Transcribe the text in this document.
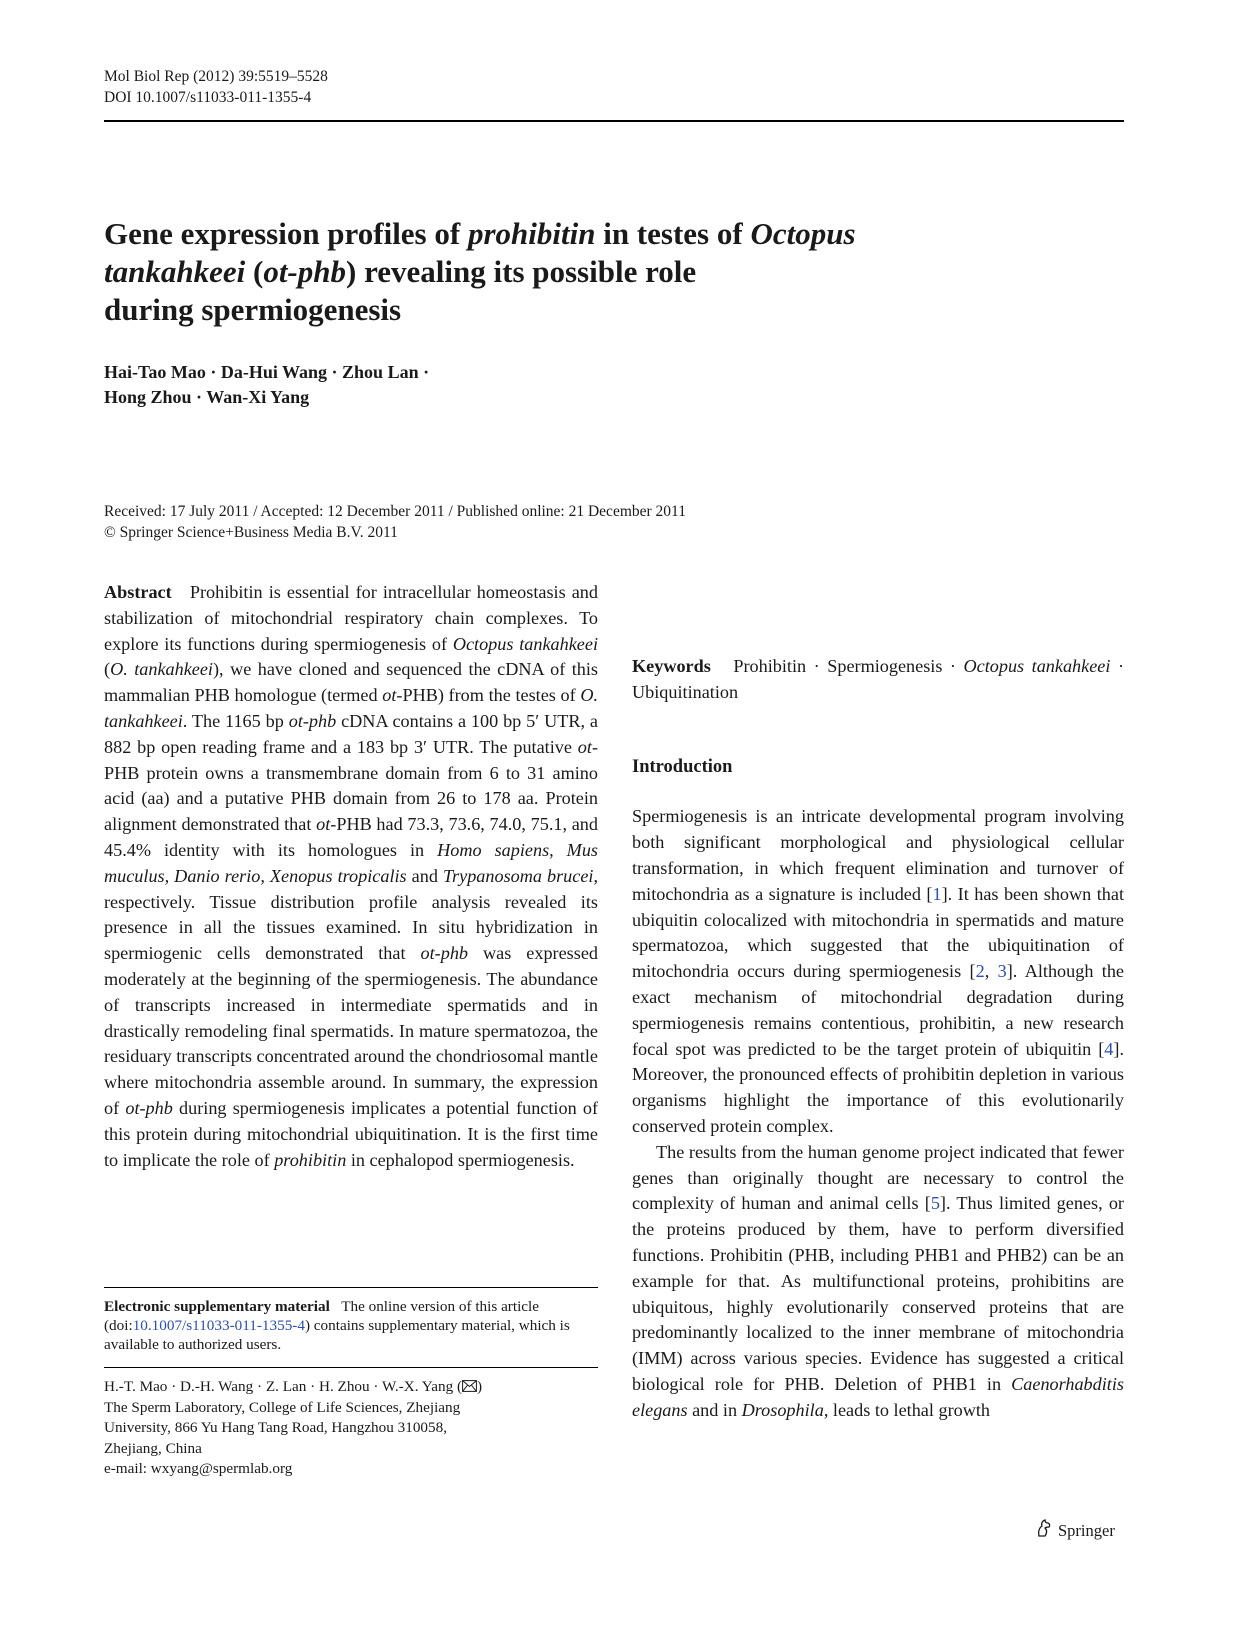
Mol Biol Rep (2012) 39:5519–5528
DOI 10.1007/s11033-011-1355-4
Gene expression profiles of prohibitin in testes of Octopus
tankahkeei (ot-phb) revealing its possible role
during spermiogenesis
Hai-Tao Mao · Da-Hui Wang · Zhou Lan ·
Hong Zhou · Wan-Xi Yang
Received: 17 July 2011 / Accepted: 12 December 2011 / Published online: 21 December 2011
© Springer Science+Business Media B.V. 2011

Abstract Prohibitin is essential for intracellular homeostasis and stabilization of mitochondrial respiratory chain complexes. To explore its functions during spermiogenesis of Octopus tankahkeei (O. tankahkeei), we have cloned and sequenced the cDNA of this mammalian PHB homologue (termed ot-PHB) from the testes of O. tankahkeei. The 1165 bp ot-phb cDNA contains a 100 bp 5′ UTR, a 882 bp open reading frame and a 183 bp 3′ UTR. The putative ot-PHB protein owns a transmembrane domain from 6 to 31 amino acid (aa) and a putative PHB domain from 26 to 178 aa. Protein alignment demonstrated that ot-PHB had 73.3, 73.6, 74.0, 75.1, and 45.4% identity with its homologues in Homo sapiens, Mus muculus, Danio rerio, Xenopus tropicalis and Trypanosoma brucei, respectively. Tissue distribution profile analysis revealed its presence in all the tissues examined. In situ hybridization in spermiogenic cells demonstrated that ot-phb was expressed moderately at the beginning of the spermiogenesis. The abundance of transcripts increased in intermediate spermatids and in drastically remodeling final spermatids. In mature spermatozoa, the residuary transcripts concentrated around the chondriosomal mantle where mitochondria assemble around. In summary, the expression of ot-phb during spermiogenesis implicates a potential function of this protein during mitochondrial ubiquitination. It is the first time to implicate the role of prohibitin in cephalopod spermiogenesis.

Electronic supplementary material The online version of this article (doi:10.1007/s11033-011-1355-4) contains supplementary material, which is available to authorized users.
H.-T. Mao · D.-H. Wang · Z. Lan · H. Zhou · W.-X. Yang ( )
The Sperm Laboratory, College of Life Sciences, Zhejiang
University, 866 Yu Hang Tang Road, Hangzhou 310058,
Zhejiang, China
e-mail: wxyang@spermlab.org

Keywords Prohibitin · Spermiogenesis · Octopus tankahkeei · Ubiquitination

Introduction

Spermiogenesis is an intricate developmental program involving both significant morphological and physiological cellular transformation, in which frequent elimination and turnover of mitochondria as a signature is included [1]. It has been shown that ubiquitin colocalized with mitochondria in spermatids and mature spermatozoa, which suggested that the ubiquitination of mitochondria occurs during spermiogenesis [2, 3]. Although the exact mechanism of mitochondrial degradation during spermiogenesis remains contentious, prohibitin, a new research focal spot was predicted to be the target protein of ubiquitin [4]. Moreover, the pronounced effects of prohibitin depletion in various organisms highlight the importance of this evolutionarily conserved protein complex.

The results from the human genome project indicated that fewer genes than originally thought are necessary to control the complexity of human and animal cells [5]. Thus limited genes, or the proteins produced by them, have to perform diversified functions. Prohibitin (PHB, including PHB1 and PHB2) can be an example for that. As multifunctional proteins, prohibitins are ubiquitous, highly evolutionarily conserved proteins that are predominantly localized to the inner membrane of mitochondria (IMM) across various species. Evidence has suggested a critical biological role for PHB. Deletion of PHB1 in Caenorhabditis elegans and in Drosophila, leads to lethal growth

Springer
